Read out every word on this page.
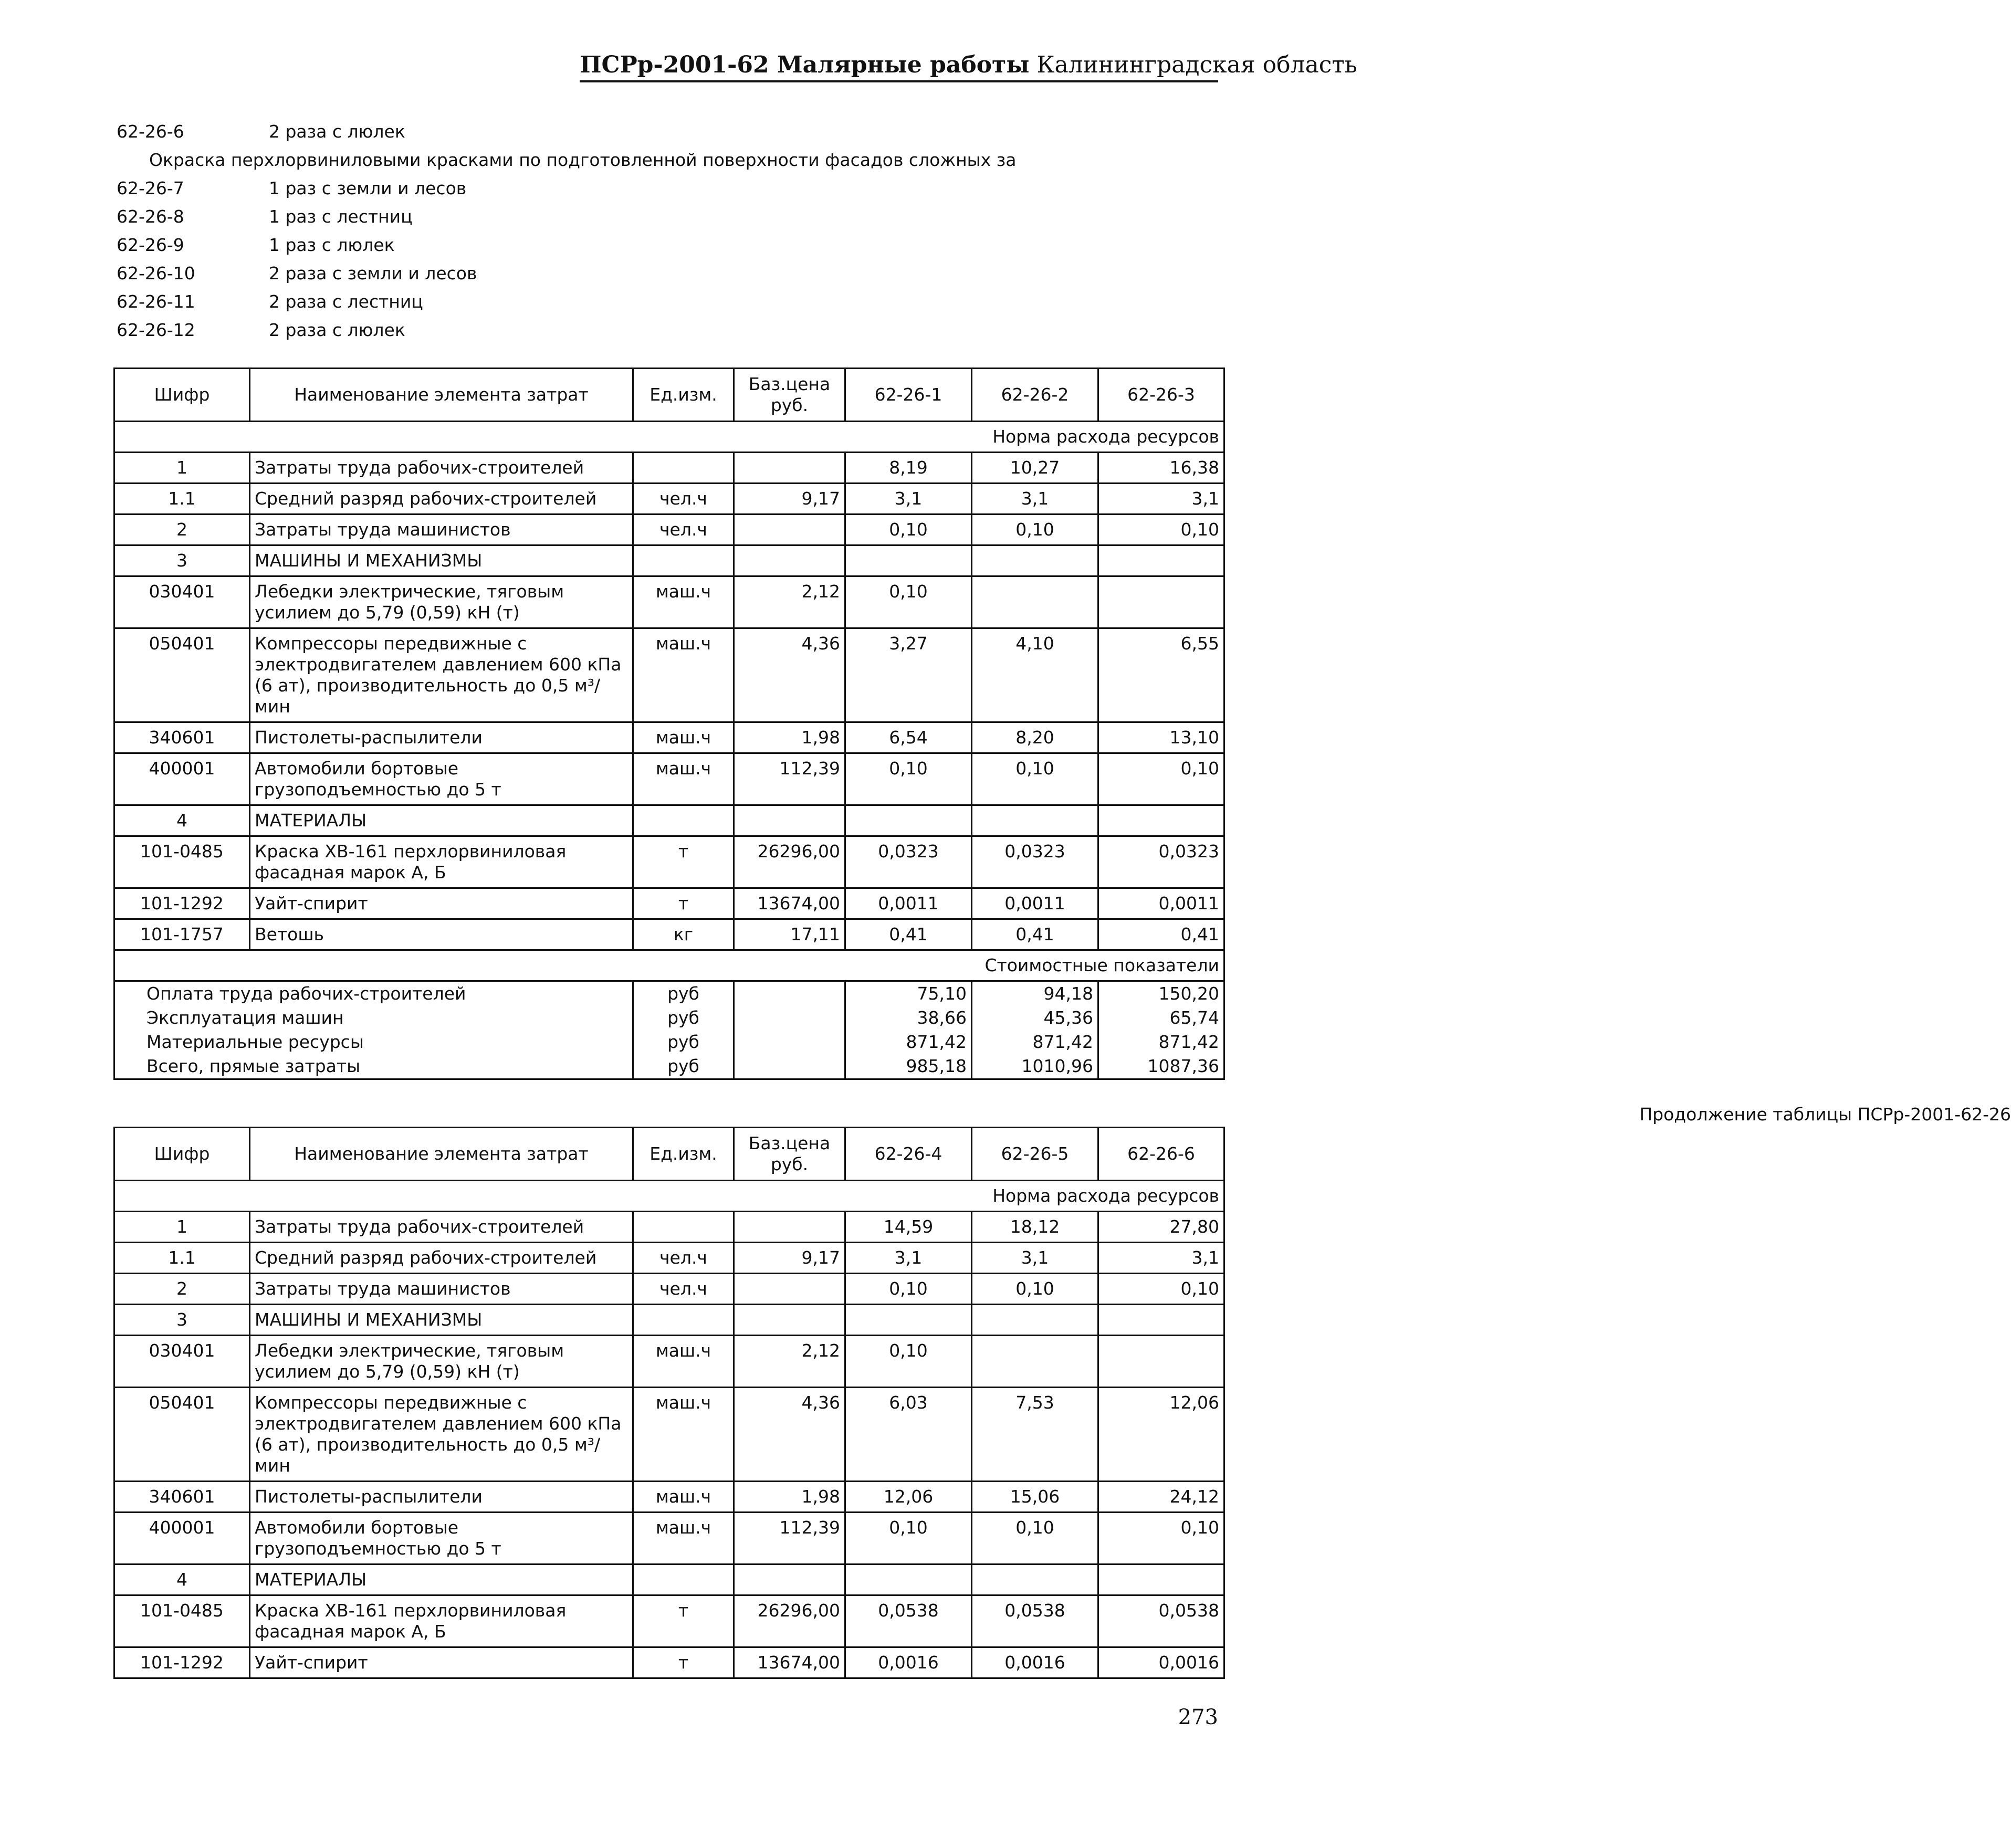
ПСРр-2001-62 Малярные работы Калининградская область
62-26-6	2 раза с люлек
Окраска перхлорвиниловыми красками по подготовленной поверхности фасадов сложных за
62-26-7	1 раз с земли и лесов
62-26-8	1 раз с лестниц
62-26-9	1 раз с люлек
62-26-10	2 раза с земли и лесов
62-26-11	2 раза с лестниц
62-26-12	2 раза с люлек
Шифр	Наименование элемента затрат	Ед.изм.	Баз.цена руб.	62-26-1	62-26-2	62-26-3
Норма расхода ресурсов						
1	Затраты труда рабочих-строителей			8,19	10,27	16,38
1.1	Средний разряд рабочих-строителей	чел.ч	9,17	3,1	3,1	3,1
2	Затраты труда машинистов	чел.ч		0,10	0,10	0,10
3	МАШИНЫ И МЕХАНИЗМЫ					
030401	Лебедки электрические, тяговым усилием до 5,79 (0,59) кН (т)	маш.ч	2,12	0,10		
050401	Компрессоры передвижные с электродвигателем давлением 600 кПа (6 ат), производительность до 0,5 м³/мин	маш.ч	4,36	3,27	4,10	6,55
340601	Пистолеты-распылители	маш.ч	1,98	6,54	8,20	13,10
400001	Автомобили бортовые грузоподъемностью до 5 т	маш.ч	112,39	0,10	0,10	0,10
4	МАТЕРИАЛЫ					
101-0485	Краска ХВ-161 перхлорвиниловая фасадная марок А, Б	т	26296,00	0,0323	0,0323	0,0323
101-1292	Уайт-спирит	т	13674,00	0,0011	0,0011	0,0011
101-1757	Ветошь	кг	17,11	0,41	0,41	0,41
Стоимостные показатели						
Оплата труда рабочих-строителей		руб		75,10	94,18	150,20
Эксплуатация машин		руб		38,66	45,36	65,74
Материальные ресурсы		руб		871,42	871,42	871,42
Всего, прямые затраты		руб		985,18	1010,96	1087,36
Продолжение таблицы ПСРр-2001-62-26
Шифр	Наименование элемента затрат	Ед.изм.	Баз.цена руб.	62-26-4	62-26-5	62-26-6
Норма расхода ресурсов						
1	Затраты труда рабочих-строителей			14,59	18,12	27,80
1.1	Средний разряд рабочих-строителей	чел.ч	9,17	3,1	3,1	3,1
2	Затраты труда машинистов	чел.ч		0,10	0,10	0,10
3	МАШИНЫ И МЕХАНИЗМЫ					
030401	Лебедки электрические, тяговым усилием до 5,79 (0,59) кН (т)	маш.ч	2,12	0,10		
050401	Компрессоры передвижные с электродвигателем давлением 600 кПа (6 ат), производительность до 0,5 м³/мин	маш.ч	4,36	6,03	7,53	12,06
340601	Пистолеты-распылители	маш.ч	1,98	12,06	15,06	24,12
400001	Автомобили бортовые грузоподъемностью до 5 т	маш.ч	112,39	0,10	0,10	0,10
4	МАТЕРИАЛЫ					
101-0485	Краска ХВ-161 перхлорвиниловая фасадная марок А, Б	т	26296,00	0,0538	0,0538	0,0538
101-1292	Уайт-спирит	т	13674,00	0,0016	0,0016	0,0016
273
